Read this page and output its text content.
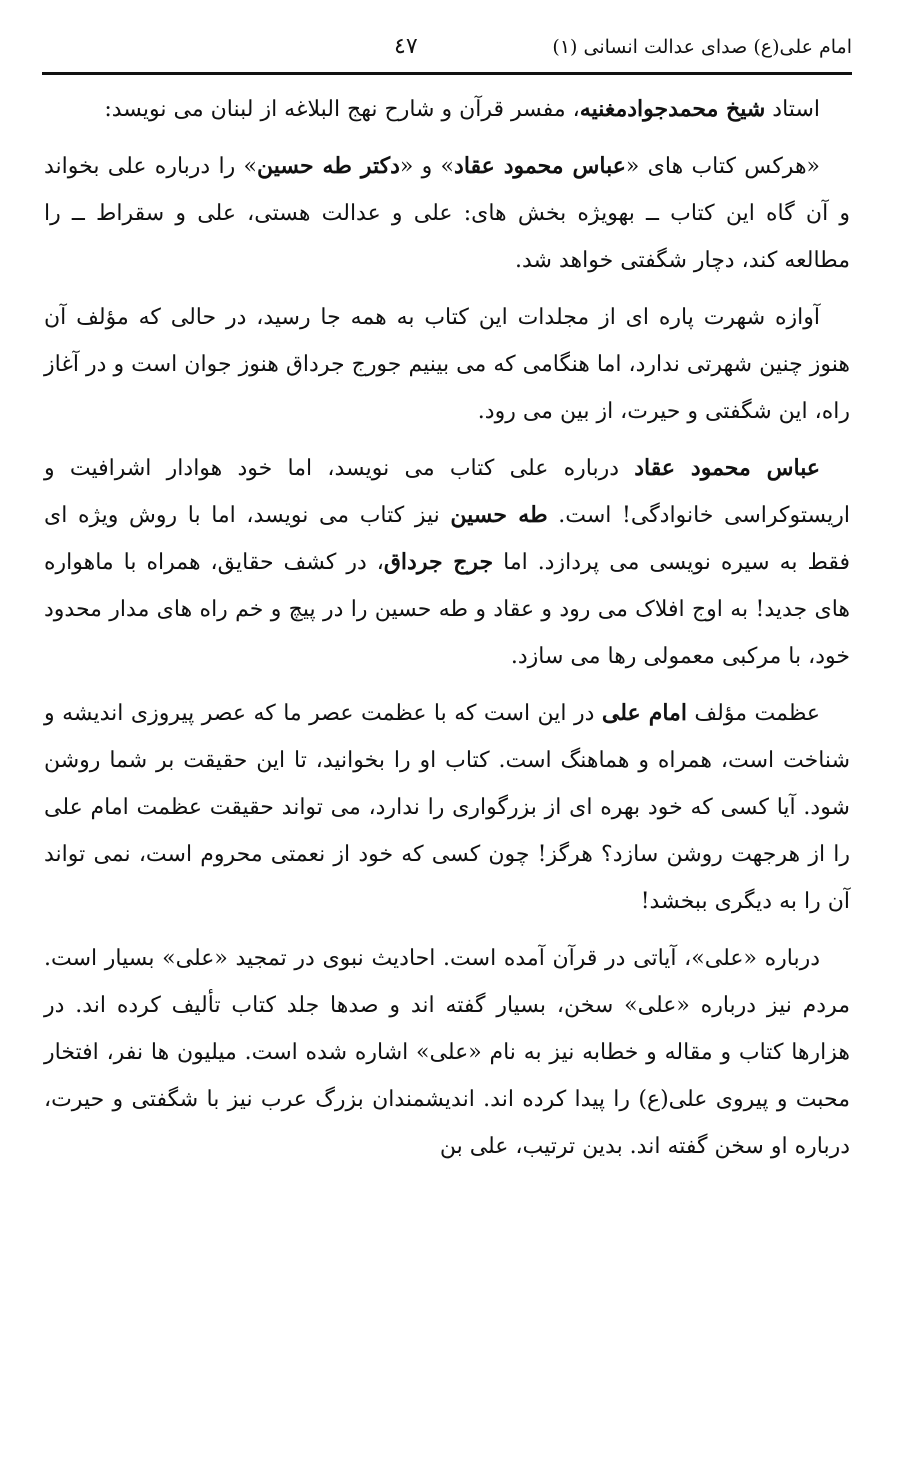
امام علی(ع) صدای عدالت انسانی (۱)
٤٧

استاد شیخ محمدجوادمغنیه، مفسر قرآن و شارح نهج البلاغه از لبنان می نویسد:

«هرکس کتاب های «عباس محمود عقاد» و «دکتر طه حسین» را درباره علی بخواند و آن گاه این کتاب ــ بهویژه بخش های: علی و عدالت هستی، علی و سقراط ــ را مطالعه کند، دچار شگفتی خواهد شد.

آوازه شهرت پاره ای از مجلدات این کتاب به همه جا رسید، در حالی که مؤلف آن هنوز چنین شهرتی ندارد، اما هنگامی که می بینیم جورج جرداق هنوز جوان است و در آغاز راه، این شگفتی و حیرت، از بین می رود.

عباس محمود عقاد درباره علی کتاب می نویسد، اما خود هوادار اشرافیت و اریستوکراسی خانوادگی! است. طه حسین نیز کتاب می نویسد، اما با روش ویژه ای فقط به سیره نویسی می پردازد. اما جرج جرداق، در کشف حقایق، همراه با ماهواره های جدید! به اوج افلاک می رود و عقاد و طه حسین را در پیچ و خم راه های مدار محدود خود، با مرکبی معمولی رها می سازد.

عظمت مؤلف امام علی در این است که با عظمت عصر ما که عصر پیروزی اندیشه و شناخت است، همراه و هماهنگ است. کتاب او را بخوانید، تا این حقیقت بر شما روشن شود. آیا کسی که خود بهره ای از بزرگواری را ندارد، می تواند حقیقت عظمت امام علی را از هرجهت روشن سازد؟ هرگز! چون کسی که خود از نعمتی محروم است، نمی تواند آن را به دیگری ببخشد!

درباره «علی»، آیاتی در قرآن آمده است. احادیث نبوی در تمجید «علی» بسیار است. مردم نیز درباره «علی» سخن، بسیار گفته اند و صدها جلد کتاب تألیف کرده اند. در هزارها کتاب و مقاله و خطابه نیز به نام «علی» اشاره شده است. میلیون ها نفر، افتخار محبت و پیروی علی(ع) را پیدا کرده اند. اندیشمندان بزرگ عرب نیز با شگفتی و حیرت، درباره او سخن گفته اند. بدین ترتیب، علی بن
